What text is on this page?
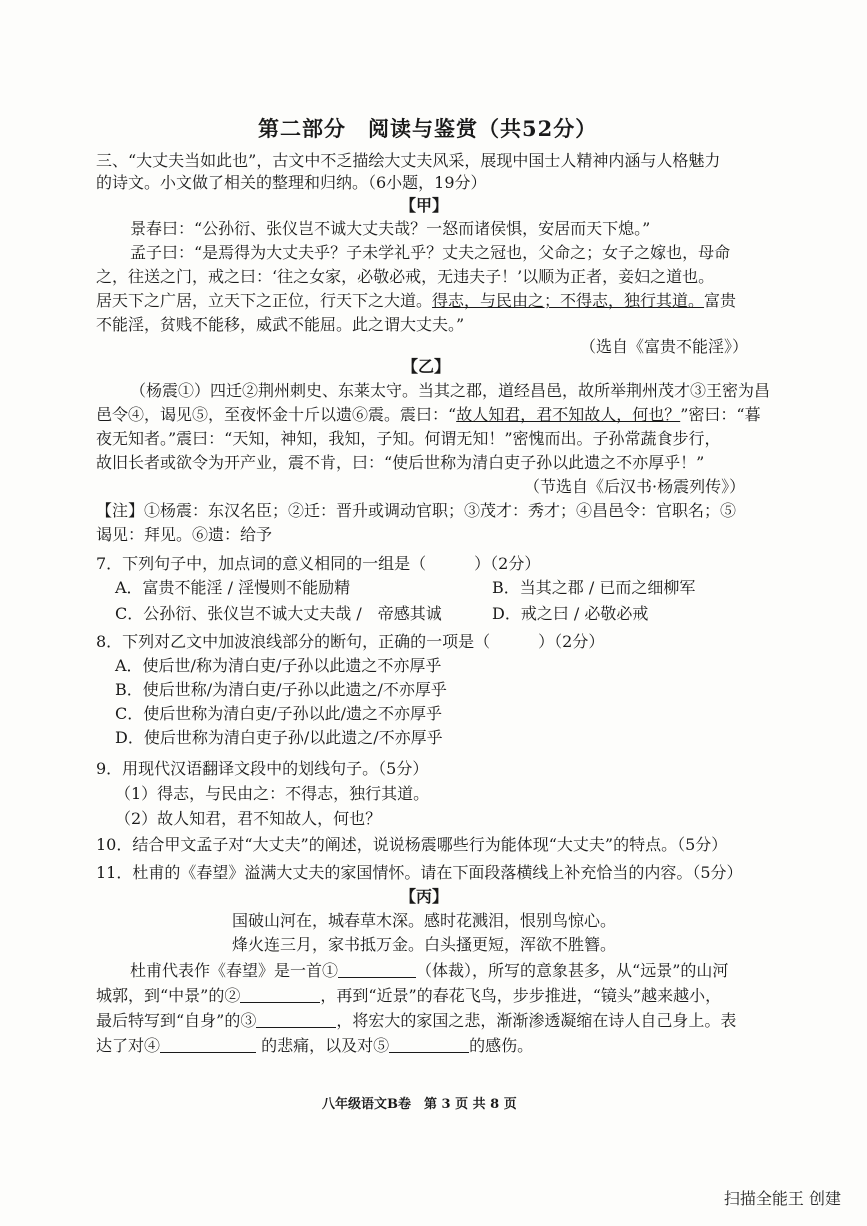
第二部分　阅读与鉴赏（共52分）
三、“大丈夫当如此也”，古文中不乏描绘大丈夫风采，展现中国士人精神内涵与人格魅力
的诗文。小文做了相关的整理和归纳。（6小题，19分）
【甲】
景春曰：“公孙衍、张仪岂不诚大丈夫哉？一怒而诸侯惧，安居而天下熄。”
孟子曰：“是焉得为大丈夫乎？子未学礼乎？丈夫之冠也，父命之；女子之嫁也，母命
之，往送之门，戒之曰：‘往之女家，必敬必戒，无违夫子！’以顺为正者，妾妇之道也。
居天下之广居，立天下之正位，行天下之大道。得志，与民由之；不得志，独行其道。富贵
不能淫，贫贱不能移，威武不能屈。此之谓大丈夫。”
（选自《富贵不能淫》）
【乙】
（杨震①）四迁②荆州刺史、东莱太守。当其之郡，道经昌邑，故所举荆州茂才③王密为昌
邑令④，谒见⑤，至夜怀金十斤以遗⑥震。震曰：“故人知君，君不知故人，何也？”密曰：“暮
夜无知者。”震曰：“天知，神知，我知，子知。何谓无知！”密愧而出。子孙常蔬食步行，
故旧长者或欲令为开产业，震不肯，曰：“使后世称为清白吏子孙以此遗之不亦厚乎！”
（节选自《后汉书·杨震列传》）
【注】①杨震：东汉名臣；②迁：晋升或调动官职；③茂才：秀才；④昌邑令：官职名；⑤
谒见：拜见。⑥遗：给予
7．下列句子中，加点词的意义相同的一组是（　　　）（2分）
A．富贵不能淫 / 淫慢则不能励精	B．当其之郡 / 已而之细柳军
C．公孙衍、张仪岂不诚大丈夫哉 /　帝感其诚	D．戒之曰 / 必敬必戒
8．下列对乙文中加波浪线部分的断句，正确的一项是（　　　）（2分）
A．使后世/称为清白吏/子孙以此遗之不亦厚乎
B．使后世称/为清白吏/子孙以此遗之/不亦厚乎
C．使后世称为清白吏/子孙以此/遗之不亦厚乎
D．使后世称为清白吏子孙/以此遗之/不亦厚乎
9．用现代汉语翻译文段中的划线句子。（5分）
（1）得志，与民由之：不得志，独行其道。
（2）故人知君，君不知故人，何也？
10．结合甲文孟子对“大丈夫”的阐述，说说杨震哪些行为能体现“大丈夫”的特点。（5分）
11．杜甫的《春望》溢满大丈夫的家国情怀。请在下面段落横线上补充恰当的内容。（5分）
【丙】
国破山河在，城春草木深。感时花溅泪，恨别鸟惊心。
烽火连三月，家书抵万金。白头搔更短，浑欲不胜簪。
杜甫代表作《春望》是一首①	（体裁），所写的意象甚多，从“远景”的山河
城郭，到“中景”的②	，再到“近景”的春花飞鸟，步步推进，“镜头”越来越小，
最后特写到“自身”的③	，将宏大的家国之悲，渐渐渗透凝缩在诗人自己身上。表
达了对④	的悲痛，以及对⑤	的感伤。
八年级语文B卷　第 3 页 共 8 页
扫描全能王 创建
